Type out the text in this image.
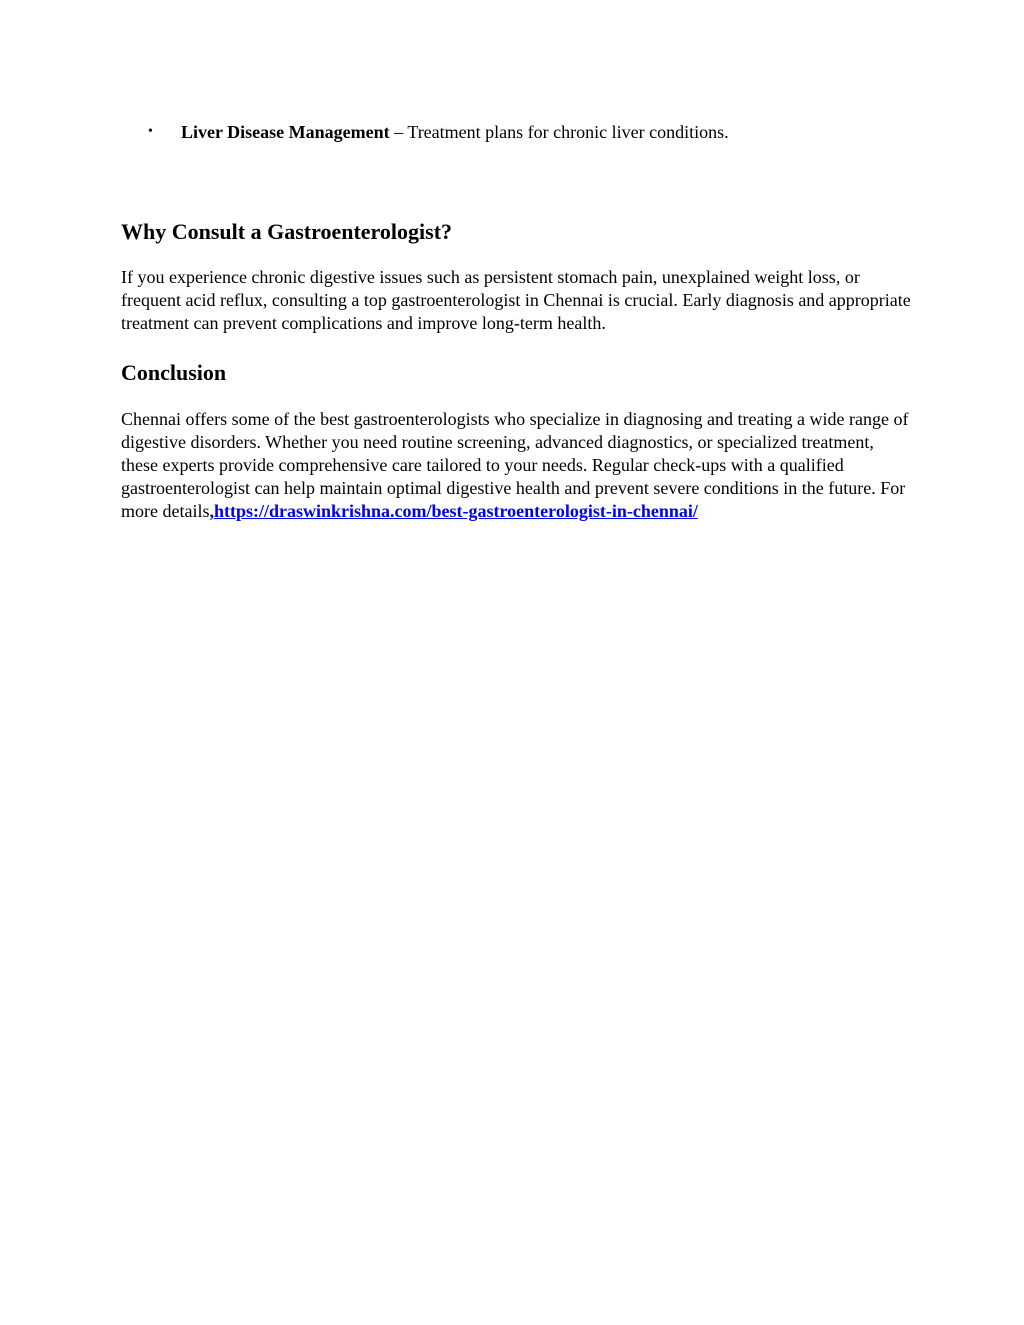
• Liver Disease Management – Treatment plans for chronic liver conditions.
Why Consult a Gastroenterologist?

If you experience chronic digestive issues such as persistent stomach pain, unexplained weight loss, or frequent acid reflux, consulting a top gastroenterologist in Chennai is crucial. Early diagnosis and appropriate treatment can prevent complications and improve long-term health.

Conclusion

Chennai offers some of the best gastroenterologists who specialize in diagnosing and treating a wide range of digestive disorders. Whether you need routine screening, advanced diagnostics, or specialized treatment, these experts provide comprehensive care tailored to your needs. Regular check-ups with a qualified gastroenterologist can help maintain optimal digestive health and prevent severe conditions in the future. For more details,https://draswinkrishna.com/best-gastroenterologist-in-chennai/
